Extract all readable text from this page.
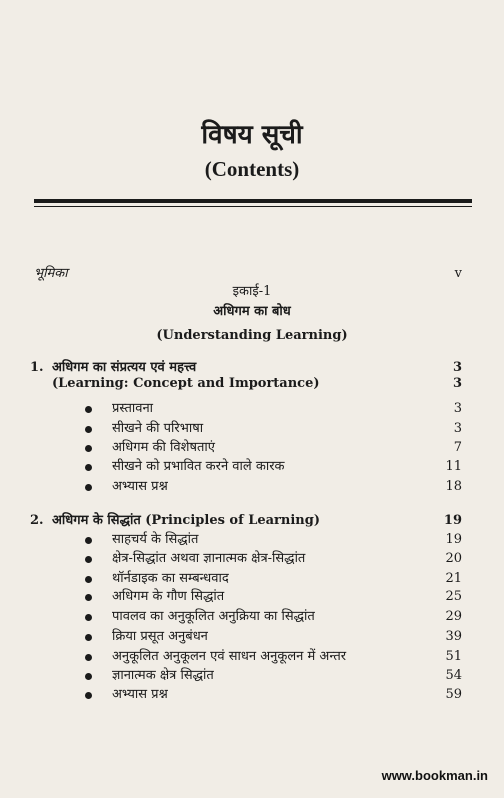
विषय सूची
(Contents)
भूमिका	v
इकाई-1
अधिगम का बोध
(Understanding Learning)
1. अधिगम का संप्रत्यय एवं महत्त्व	3
(Learning: Concept and Importance)	3
प्रस्तावना	3
सीखने की परिभाषा	3
अधिगम की विशेषताएं	7
सीखने को प्रभावित करने वाले कारक	11
अभ्यास प्रश्न	18
2. अधिगम के सिद्धांत (Principles of Learning)	19
साहचर्य के सिद्धांत	19
क्षेत्र-सिद्धांत अथवा ज्ञानात्मक क्षेत्र-सिद्धांत	20
थॉर्नडाइक का सम्बन्धवाद	21
अधिगम के गौण सिद्धांत	25
पावलव का अनुकूलित अनुक्रिया का सिद्धांत	29
क्रिया प्रसूत अनुबंधन	39
अनुकूलित अनुकूलन एवं साधन अनुकूलन में अन्तर	51
ज्ञानात्मक क्षेत्र सिद्धांत	54
अभ्यास प्रश्न	59
www.bookman.in
